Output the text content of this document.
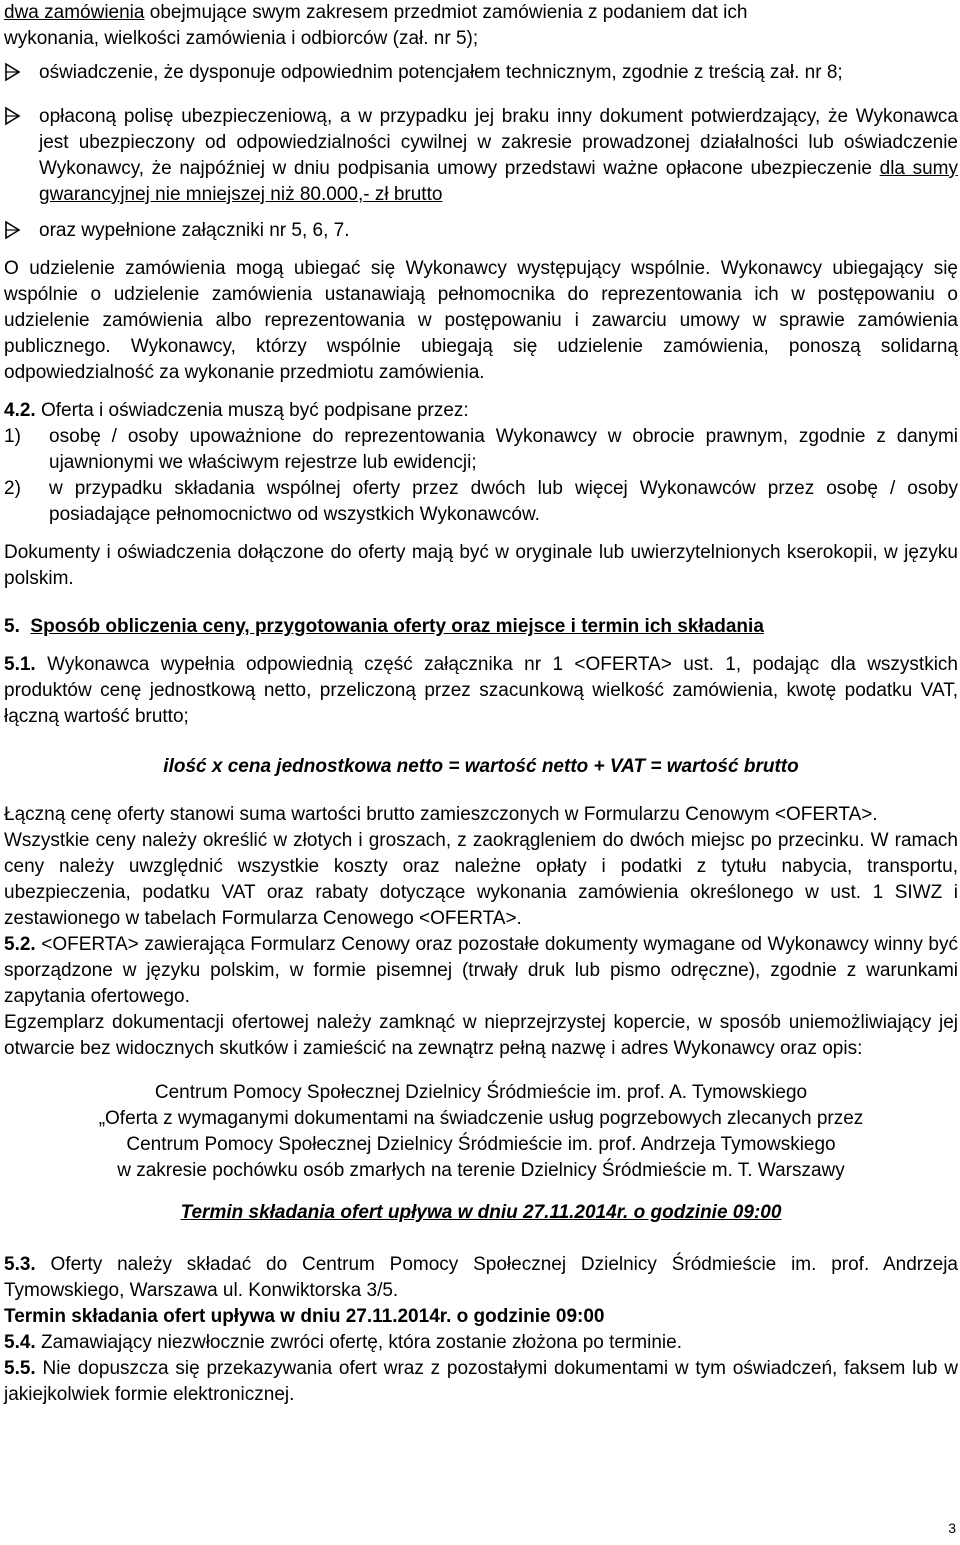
dwa zamówienia obejmujące swym zakresem przedmiot zamówienia z podaniem dat ich
wykonania, wielkości zamówienia i odbiorców (zał. nr 5);

oświadczenie, że dysponuje odpowiednim potencjałem technicznym, zgodnie z treścią zał. nr 8;

opłaconą polisę ubezpieczeniową, a w przypadku jej braku inny dokument potwierdzający, że Wykonawca jest ubezpieczony od odpowiedzialności cywilnej w zakresie prowadzonej działalności lub oświadczenie Wykonawcy, że najpóźniej w dniu podpisania umowy przedstawi ważne opłacone ubezpieczenie dla sumy gwarancyjnej nie mniejszej niż 80.000,- zł brutto

oraz wypełnione załączniki nr 5, 6, 7.

O udzielenie zamówienia mogą ubiegać się Wykonawcy występujący wspólnie. Wykonawcy ubiegający się wspólnie o udzielenie zamówienia ustanawiają pełnomocnika do reprezentowania ich w postępowaniu o udzielenie zamówienia albo reprezentowania w postępowaniu i zawarciu umowy w sprawie zamówienia publicznego. Wykonawcy, którzy wspólnie ubiegają się udzielenie zamówienia, ponoszą solidarną odpowiedzialność za wykonanie przedmiotu zamówienia.

4.2. Oferta i oświadczenia muszą być podpisane przez:

1) osobę / osoby upoważnione do reprezentowania Wykonawcy w obrocie prawnym, zgodnie z danymi ujawnionymi we właściwym rejestrze lub ewidencji;

2) w przypadku składania wspólnej oferty przez dwóch lub więcej Wykonawców przez osobę / osoby posiadające pełnomocnictwo od wszystkich Wykonawców.

Dokumenty i oświadczenia dołączone do oferty mają być w oryginale lub uwierzytelnionych kserokopii, w języku polskim.

5. Sposób obliczenia ceny, przygotowania oferty oraz miejsce i termin ich składania

5.1. Wykonawca wypełnia odpowiednią część załącznika nr 1 <OFERTA> ust. 1, podając dla wszystkich produktów cenę jednostkową netto, przeliczoną przez szacunkową wielkość zamówienia, kwotę podatku VAT, łączną wartość brutto;

ilość x cena jednostkowa netto = wartość netto + VAT = wartość brutto

Łączną cenę oferty stanowi suma wartości brutto zamieszczonych w Formularzu Cenowym <OFERTA>.

Wszystkie ceny należy określić w złotych i groszach, z zaokrągleniem do dwóch miejsc po przecinku. W ramach ceny należy uwzględnić wszystkie koszty oraz należne opłaty i podatki z tytułu nabycia, transportu, ubezpieczenia, podatku VAT oraz rabaty dotyczące wykonania zamówienia określonego w ust. 1 SIWZ i zestawionego w tabelach Formularza Cenowego <OFERTA>.

5.2. <OFERTA> zawierająca Formularz Cenowy oraz pozostałe dokumenty wymagane od Wykonawcy winny być sporządzone w języku polskim, w formie pisemnej (trwały druk lub pismo odręczne), zgodnie z warunkami zapytania ofertowego.

Egzemplarz dokumentacji ofertowej należy zamknąć w nieprzejrzystej kopercie, w sposób uniemożliwiający jej otwarcie bez widocznych skutków i zamieścić na zewnątrz pełną nazwę i adres Wykonawcy oraz opis:

Centrum Pomocy Społecznej Dzielnicy Śródmieście im. prof. A. Tymowskiego

„Oferta z wymaganymi dokumentami na świadczenie usług pogrzebowych zlecanych przez

Centrum Pomocy Społecznej Dzielnicy Śródmieście im. prof. Andrzeja Tymowskiego

w zakresie pochówku osób zmarłych na terenie Dzielnicy Śródmieście m. T. Warszawy

Termin składania ofert upływa w dniu 27.11.2014r. o godzinie 09:00

5.3. Oferty należy składać do Centrum Pomocy Społecznej Dzielnicy Śródmieście im. prof. Andrzeja Tymowskiego, Warszawa ul. Konwiktorska 3/5.

Termin składania ofert upływa w dniu 27.11.2014r. o godzinie 09:00

5.4. Zamawiający niezwłocznie zwróci ofertę, która zostanie złożona po terminie.

5.5. Nie dopuszcza się przekazywania ofert wraz z pozostałymi dokumentami w tym oświadczeń, faksem lub w jakiejkolwiek formie elektronicznej.

3
